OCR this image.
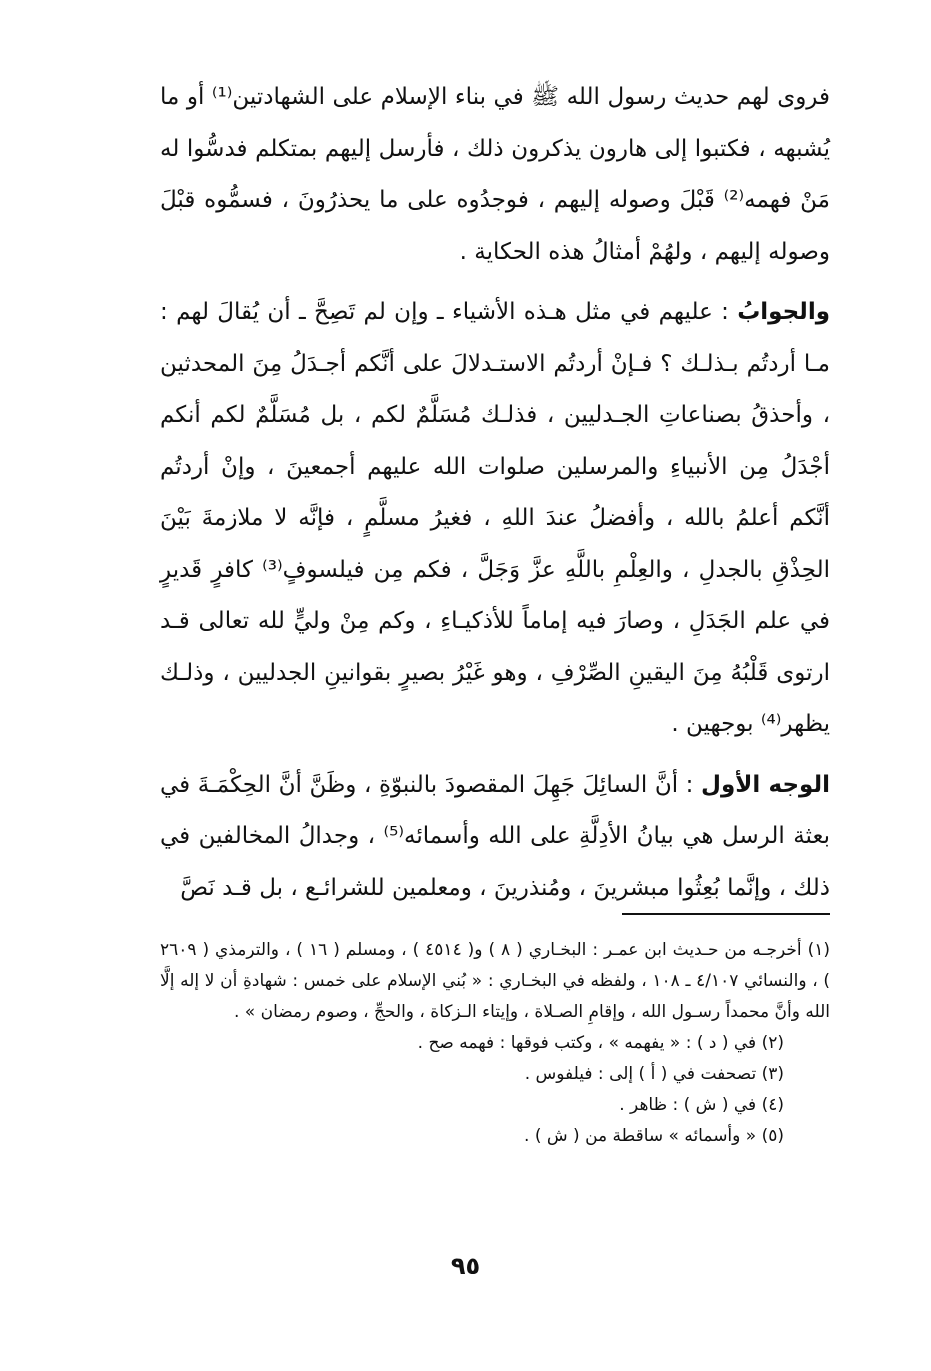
فروى لهم حديث رسول الله ﷺ في بناء الإسلام على الشهادتين⁽¹⁾ أو ما يُشبهه ، فكتبوا إلى هارون يذكرون ذلك ، فأرسل إليهم بمتكلم فدسُّوا له مَنْ فهمه⁽²⁾ قَبْلَ وصوله إليهم ، فوجدُوه على ما يحذرُونَ ، فسمُّوه قبْلَ وصوله إليهم ، ولهُمْ أمثالُ هذه الحكاية .

والجوابُ : عليهم في مثل هـذه الأشياء ـ وإن لم تَصِحَّ ـ أن يُقالَ لهم : مـا أردتُم بـذلـك ؟ فـإنْ أردتُم الاستـدلالَ على أنَّكم أجـدَلُ مِنَ المحدثين ، وأحذقُ بصناعاتِ الجـدليين ، فذلـك مُسَلَّمٌ لكم ، بل مُسَلَّمٌ لكم أنكم أجْدَلُ مِن الأنبياءِ والمرسلين صلوات الله عليهم أجمعينَ ، وإنْ أردتُم أنَّكم أعلمُ بالله ، وأفضلُ عندَ اللهِ ، فغيرُ مسلَّمٍ ، فإنَّه لا ملازمةَ بَيْنَ الحِذْقِ بالجدلِ ، والعِلْمِ باللَّهِ عزَّ وَجَلَّ ، فكم مِن فيلسوفٍ⁽³⁾ كافرٍ قَديرٍ في علم الجَدَلِ ، وصارَ فيه إماماً للأذكيـاءِ ، وكم مِنْ وليٍّ لله تعالى قـد ارتوى قَلْبُهُ مِنَ اليقينِ الصِّرْفِ ، وهو غَيْرُ بصيرٍ بقوانينِ الجدليين ، وذلـك يظهر⁽⁴⁾ بوجهين .

الوجه الأول : أنَّ السائِلَ جَهِلَ المقصودَ بالنبوّةِ ، وظَنَّ أنَّ الحِكْمَـةَ في بعثة الرسل هي بيانُ الأدِلَّةِ على الله وأسمائه⁽⁵⁾ ، وجدالُ المخالفين في ذلك ، وإنَّما بُعِثُوا مبشرينَ ، ومُنذرينَ ، ومعلمين للشرائـع ، بل قـد نَصَّ

(١) أخرجـه من حـديث ابن عمـر : البخـاري ( ٨ ) و( ٤٥١٤ ) ، ومسلم ( ١٦ ) ، والترمذي ( ٢٦٠٩ ) ، والنسائي ٤/١٠٧ ـ ١٠٨ ، ولفظه في البخـاري : « بُني الإسلام على خمس : شهادةِ أن لا إله إلَّا الله وأنَّ محمداً رسـول الله ، وإقامِ الصـلاة ، وإيتاء الـزكاة ، والحجِّ ، وصوم رمضان » .

(٢) في ( د ) : « يفهمه » ، وكتب فوقها : فهمه صح .

(٣) تصحفت في ( أ ) إلى : فيلفوس .

(٤) في ( ش ) : ظاهر .

(٥) « وأسمائه » ساقطة من ( ش ) .

٩٥
